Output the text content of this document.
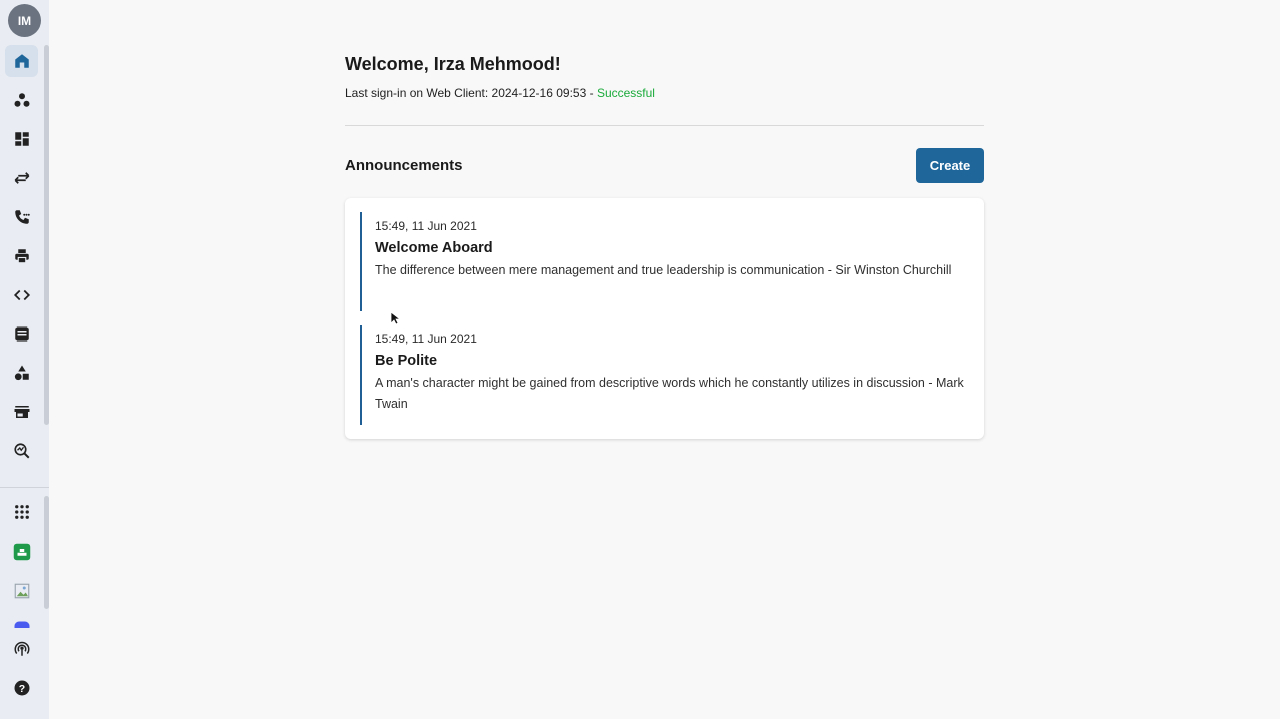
IM
?
Welcome, Irza Mehmood!
Last sign-in on Web Client: 2024-12-16 09:53 - Successful
Announcements	Create
15:49, 11 Jun 2021
Welcome Aboard
The difference between mere management and true leadership is communication - Sir Winston Churchill
15:49, 11 Jun 2021
Be Polite
A man's character might be gained from descriptive words which he constantly utilizes in discussion - Mark Twain
